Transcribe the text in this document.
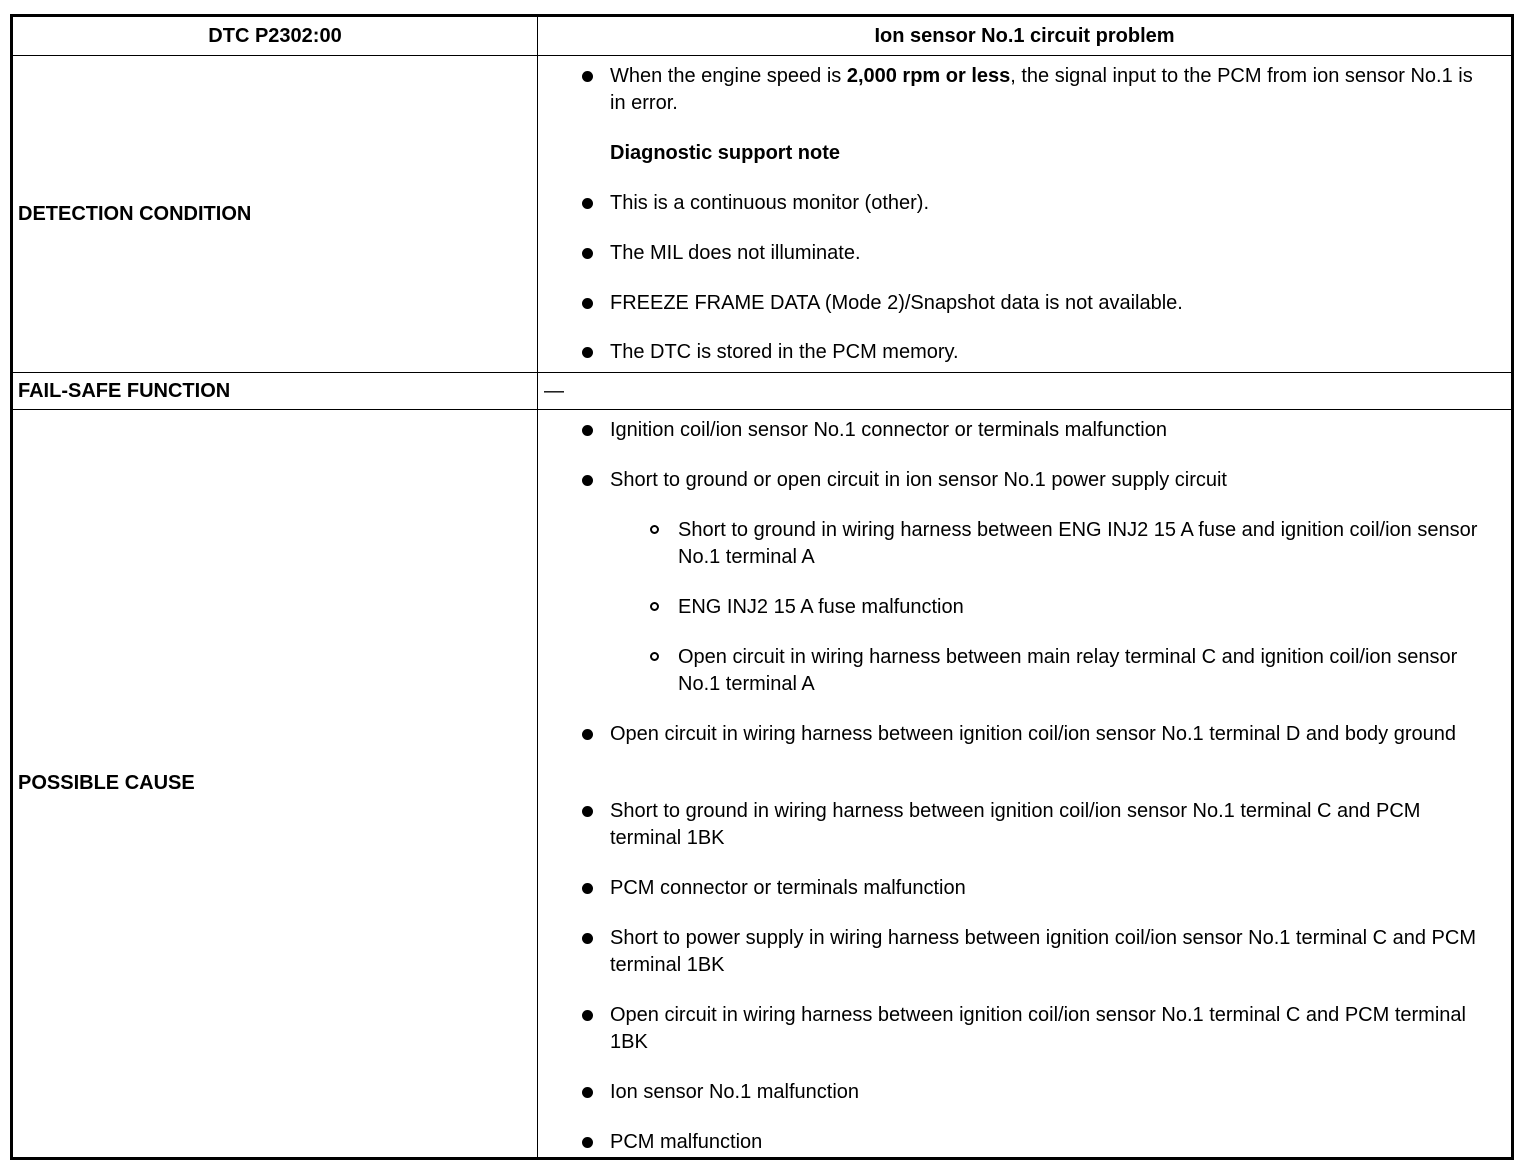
DTC P2302:00	Ion sensor No.1 circuit problem
DETECTION CONDITION
When the engine speed is 2,000 rpm or less, the signal input to the PCM from ion sensor No.1 is in error.
Diagnostic support note
This is a continuous monitor (other).
The MIL does not illuminate.
FREEZE FRAME DATA (Mode 2)/Snapshot data is not available.
The DTC is stored in the PCM memory.
FAIL-SAFE FUNCTION	—
POSSIBLE CAUSE
Ignition coil/ion sensor No.1 connector or terminals malfunction
Short to ground or open circuit in ion sensor No.1 power supply circuit
Short to ground in wiring harness between ENG INJ2 15 A fuse and ignition coil/ion sensor No.1 terminal A
ENG INJ2 15 A fuse malfunction
Open circuit in wiring harness between main relay terminal C and ignition coil/ion sensor No.1 terminal A
Open circuit in wiring harness between ignition coil/ion sensor No.1 terminal D and body ground
Short to ground in wiring harness between ignition coil/ion sensor No.1 terminal C and PCM terminal 1BK
PCM connector or terminals malfunction
Short to power supply in wiring harness between ignition coil/ion sensor No.1 terminal C and PCM terminal 1BK
Open circuit in wiring harness between ignition coil/ion sensor No.1 terminal C and PCM terminal 1BK
Ion sensor No.1 malfunction
PCM malfunction
